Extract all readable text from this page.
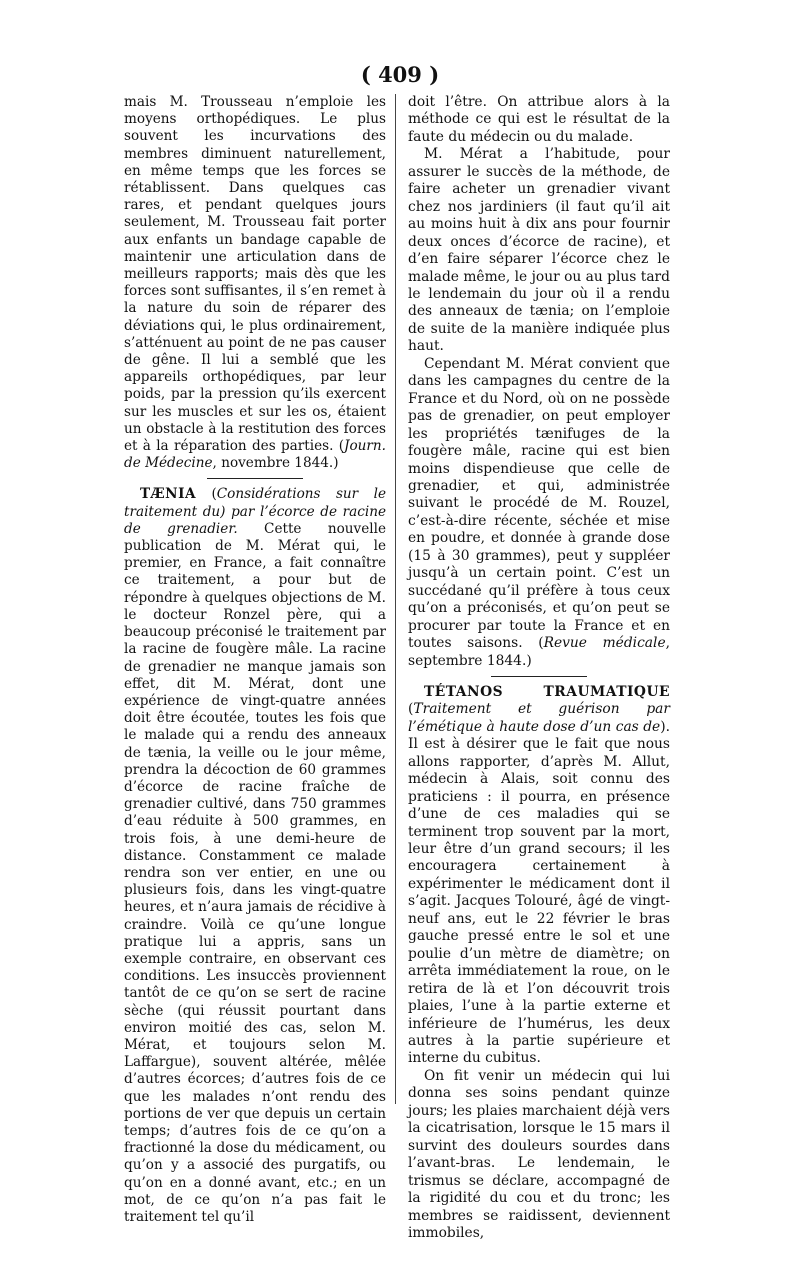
( 409 )

mais M. Trousseau n’emploie les moyens orthopédiques. Le plus souvent les incurvations des membres diminuent naturellement, en même temps que les forces se rétablissent. Dans quelques cas rares, et pendant quelques jours seulement, M. Trousseau fait porter aux enfants un bandage capable de maintenir une articulation dans de meilleurs rapports; mais dès que les forces sont suffisantes, il s’en remet à la nature du soin de réparer des déviations qui, le plus ordinairement, s’atténuent au point de ne pas causer de gêne. Il lui a semblé que les appareils orthopédiques, par leur poids, par la pression qu’ils exercent sur les muscles et sur les os, étaient un obstacle à la restitution des forces et à la réparation des parties. (Journ. de Médecine, novembre 1844.)

TÆNIA (Considérations sur le traitement du) par l’écorce de racine de grenadier. Cette nouvelle publication de M. Mérat qui, le premier, en France, a fait connaître ce traitement, a pour but de répondre à quelques objections de M. le docteur Ronzel père, qui a beaucoup préconisé le traitement par la racine de fougère mâle. La racine de grenadier ne manque jamais son effet, dit M. Mérat, dont une expérience de vingt-quatre années doit être écoutée, toutes les fois que le malade qui a rendu des anneaux de tænia, la veille ou le jour même, prendra la décoction de 60 grammes d’écorce de racine fraîche de grenadier cultivé, dans 750 grammes d’eau réduite à 500 grammes, en trois fois, à une demi-heure de distance. Constamment ce malade rendra son ver entier, en une ou plusieurs fois, dans les vingt-quatre heures, et n’aura jamais de récidive à craindre. Voilà ce qu’une longue pratique lui a appris, sans un exemple contraire, en observant ces conditions. Les insuccès proviennent tantôt de ce qu’on se sert de racine sèche (qui réussit pourtant dans environ moitié des cas, selon M. Mérat, et toujours selon M. Laffargue), souvent altérée, mêlée d’autres écorces; d’autres fois de ce que les malades n’ont rendu des portions de ver que depuis un certain temps; d’autres fois de ce qu’on a fractionné la dose du médicament, ou qu’on y a associé des purgatifs, ou qu’on en a donné avant, etc.; en un mot, de ce qu’on n’a pas fait le traitement tel qu’il

doit l’être. On attribue alors à la méthode ce qui est le résultat de la faute du médecin ou du malade.

M. Mérat a l’habitude, pour assurer le succès de la méthode, de faire acheter un grenadier vivant chez nos jardiniers (il faut qu’il ait au moins huit à dix ans pour fournir deux onces d’écorce de racine), et d’en faire séparer l’écorce chez le malade même, le jour ou au plus tard le lendemain du jour où il a rendu des anneaux de tænia; on l’emploie de suite de la manière indiquée plus haut.

Cependant M. Mérat convient que dans les campagnes du centre de la France et du Nord, où on ne possède pas de grenadier, on peut employer les propriétés tænifuges de la fougère mâle, racine qui est bien moins dispendieuse que celle de grenadier, et qui, administrée suivant le procédé de M. Rouzel, c’est-à-dire récente, séchée et mise en poudre, et donnée à grande dose (15 à 30 grammes), peut y suppléer jusqu’à un certain point. C’est un succédané qu’il préfère à tous ceux qu’on a préconisés, et qu’on peut se procurer par toute la France et en toutes saisons. (Revue médicale, septembre 1844.)

TÉTANOS TRAUMATIQUE (Traitement et guérison par l’émétique à haute dose d’un cas de). Il est à désirer que le fait que nous allons rapporter, d’après M. Allut, médecin à Alais, soit connu des praticiens : il pourra, en présence d’une de ces maladies qui se terminent trop souvent par la mort, leur être d’un grand secours; il les encouragera certainement à expérimenter le médicament dont il s’agit. Jacques Tolouré, âgé de vingt-neuf ans, eut le 22 février le bras gauche pressé entre le sol et une poulie d’un mètre de diamètre; on arrêta immédiatement la roue, on le retira de là et l’on découvrit trois plaies, l’une à la partie externe et inférieure de l’humérus, les deux autres à la partie supérieure et interne du cubitus.

On fit venir un médecin qui lui donna ses soins pendant quinze jours; les plaies marchaient déjà vers la cicatrisation, lorsque le 15 mars il survint des douleurs sourdes dans l’avant-bras. Le lendemain, le trismus se déclare, accompagné de la rigidité du cou et du tronc; les membres se raidissent, deviennent immobiles,
